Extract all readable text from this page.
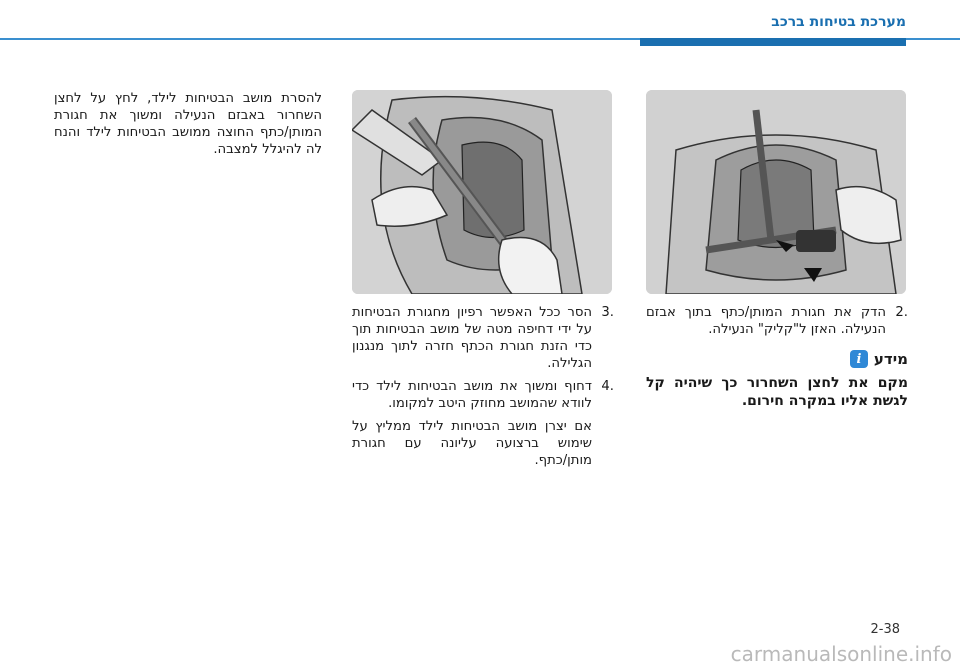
מערכת בטיחות ברכב
להסרת מושב הבטיחות לילד, לחץ על לחצן השחרור באבזם הנעילה ומשוך את חגורת המותן/כתף החוצה ממושב הבטיחות לילד והנח לה להיגלל למצבה.
3.
הסר ככל האפשר רפיון מחגורת הבטיחות על ידי דחיפה מטה של מושב הבטיחות תוך כדי הזנת חגורת הכתף חזרה לתוך מנגנון הגלילה.
4.
דחוף ומשוך את מושב הבטיחות לילד כדי לוודא שהמושב מחוזק היטב למקומו.
אם יצרן מושב הבטיחות לילד ממליץ על שימוש ברצועה עליונה עם חגורת מותן/כתף.
2.
הדק את חגורת המותן/כתף בתוך אבזם הנעילה. האזן ל"קליק" הנעילה.
מידע
i
מקם את לחצן השחרור כך שיהיה קל לגשת אליו במקרה חירום.
2-38
carmanualsonline.info
